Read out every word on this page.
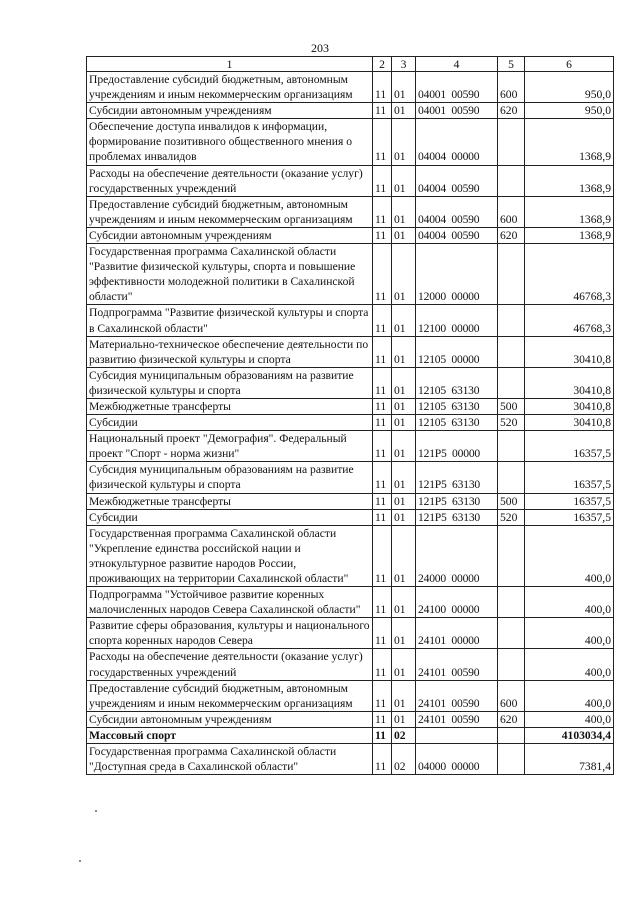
203
1	2	3	4	5	6
Предоставление субсидий бюджетным, автономным учреждениям и иным некоммерческим организациям	11	01	04001  00590	600	950,0
Субсидии автономным учреждениям	11	01	04001  00590	620	950,0
Обеспечение доступа инвалидов к информации, формирование позитивного общественного мнения о проблемах инвалидов	11	01	04004  00000		1368,9
Расходы на обеспечение деятельности (оказание услуг) государственных учреждений	11	01	04004  00590		1368,9
Предоставление субсидий бюджетным, автономным учреждениям и иным некоммерческим организациям	11	01	04004  00590	600	1368,9
Субсидии автономным учреждениям	11	01	04004  00590	620	1368,9
Государственная программа Сахалинской области "Развитие физической культуры, спорта и повышение эффективности молодежной политики в Сахалинской области"	11	01	12000  00000		46768,3
Подпрограмма "Развитие физической культуры и спорта в Сахалинской области"	11	01	12100  00000		46768,3
Материально-техническое обеспечение деятельности по развитию физической культуры и спорта	11	01	12105  00000		30410,8
Субсидия муниципальным образованиям на развитие физической культуры и спорта	11	01	12105  63130		30410,8
Межбюджетные трансферты	11	01	12105  63130	500	30410,8
Субсидии	11	01	12105  63130	520	30410,8
Национальный проект "Демография". Федеральный проект "Спорт - норма жизни"	11	01	121P5  00000		16357,5
Субсидия муниципальным образованиям на развитие физической культуры и спорта	11	01	121P5  63130		16357,5
Межбюджетные трансферты	11	01	121P5  63130	500	16357,5
Субсидии	11	01	121P5  63130	520	16357,5
Государственная программа Сахалинской области "Укрепление единства российской нации и этнокультурное развитие народов России, проживающих на территории Сахалинской области"	11	01	24000  00000		400,0
Подпрограмма "Устойчивое развитие коренных малочисленных народов Севера Сахалинской области"	11	01	24100  00000		400,0
Развитие сферы образования, культуры и национального спорта коренных народов Севера	11	01	24101  00000		400,0
Расходы на обеспечение деятельности (оказание услуг) государственных учреждений	11	01	24101  00590		400,0
Предоставление субсидий бюджетным, автономным учреждениям и иным некоммерческим организациям	11	01	24101  00590	600	400,0
Субсидии автономным учреждениям	11	01	24101  00590	620	400,0
Массовый спорт	11	02			4103034,4
Государственная программа Сахалинской области "Доступная среда в Сахалинской области"	11	02	04000  00000		7381,4
